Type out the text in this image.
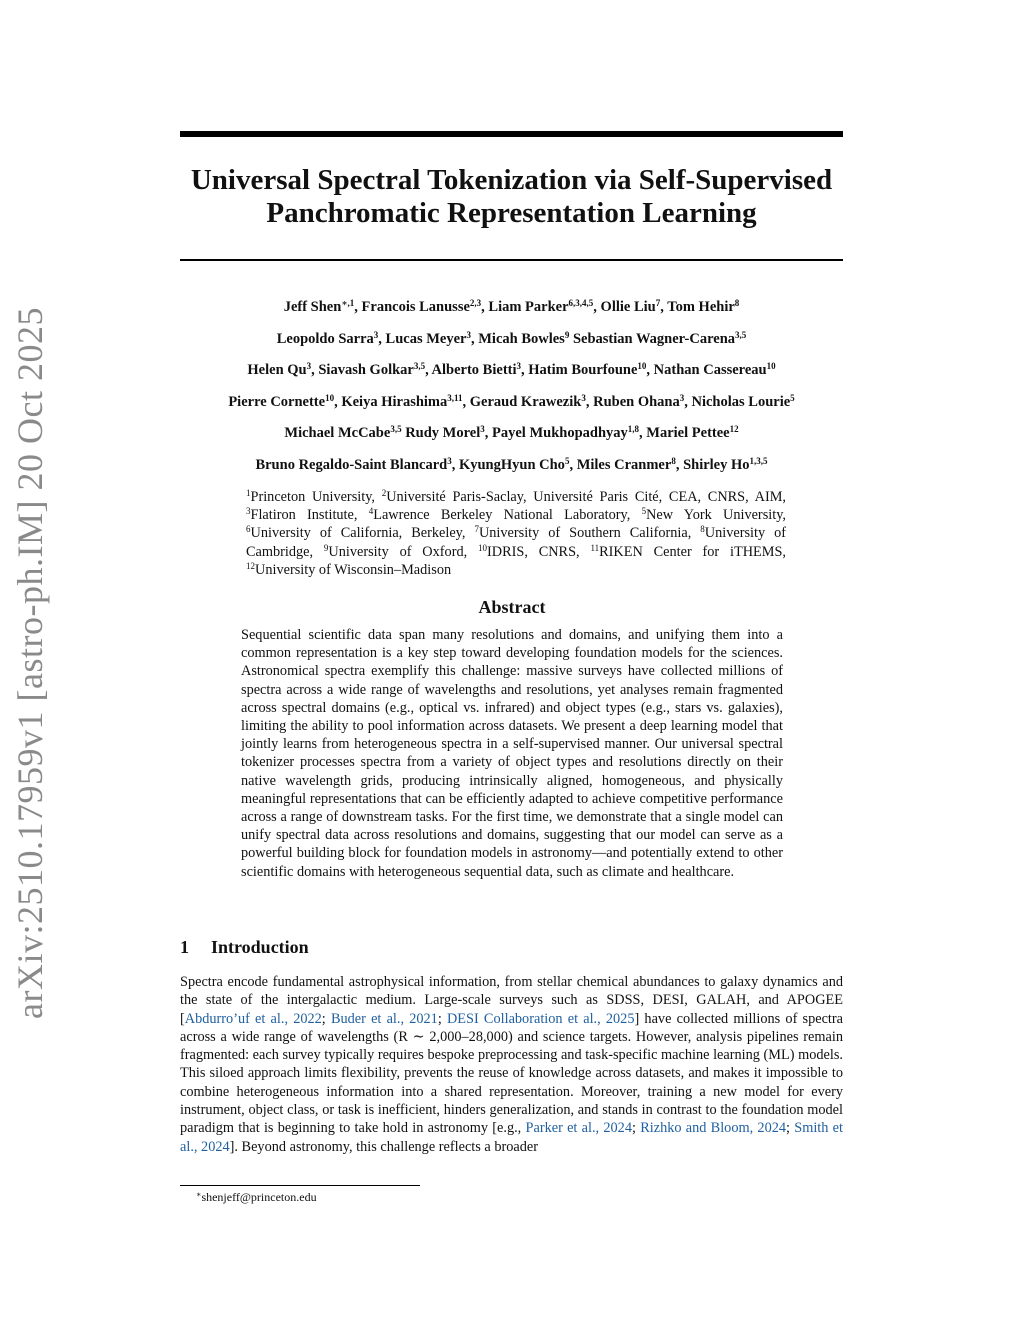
arXiv:2510.17959v1 [astro-ph.IM] 20 Oct 2025
Universal Spectral Tokenization via Self-Supervised
Panchromatic Representation Learning
Jeff Shen$^{∗,1}$, Francois Lanusse$^{2,3}$, Liam Parker$^{6,3,4,5}$, Ollie Liu$^7$, Tom Hehir$^8$
Leopoldo Sarra$^3$, Lucas Meyer$^3$, Micah Bowles$^9$ Sebastian Wagner-Carena$^{3,5}$
Helen Qu$^3$, Siavash Golkar$^{3,5}$, Alberto Bietti$^3$, Hatim Bourfoune$^{10}$, Nathan Cassereau$^{10}$
Pierre Cornette$^{10}$, Keiya Hirashima$^{3,11}$, Geraud Krawezik$^3$, Ruben Ohana$^3$, Nicholas Lourie$^5$
Michael McCabe$^{3,5}$ Rudy Morel$^3$, Payel Mukhopadhyay$^{1,8}$, Mariel Pettee$^{12}$
Bruno Regaldo-Saint Blancard$^3$, KyungHyun Cho$^5$, Miles Cranmer$^8$, Shirley Ho$^{1,3,5}$
$^1$Princeton University, $^2$Université Paris-Saclay, Université Paris Cité, CEA, CNRS, AIM, $^3$Flatiron Institute, $^4$Lawrence Berkeley National Laboratory, $^5$New York University, $^6$University of California, Berkeley, $^7$University of Southern California, $^8$University of Cambridge, $^9$University of Oxford, $^{10}$IDRIS, CNRS, $^{11}$RIKEN Center for iTHEMS, $^{12}$University of Wisconsin–Madison
Abstract

Sequential scientific data span many resolutions and domains, and unifying them into a common representation is a key step toward developing foundation models for the sciences. Astronomical spectra exemplify this challenge: massive surveys have collected millions of spectra across a wide range of wavelengths and resolutions, yet analyses remain fragmented across spectral domains (e.g., optical vs. infrared) and object types (e.g., stars vs. galaxies), limiting the ability to pool information across datasets. We present a deep learning model that jointly learns from heterogeneous spectra in a self-supervised manner. Our universal spectral tokenizer processes spectra from a variety of object types and resolutions directly on their native wavelength grids, producing intrinsically aligned, homogeneous, and physically meaningful representations that can be efficiently adapted to achieve competitive performance across a range of downstream tasks. For the first time, we demonstrate that a single model can unify spectral data across resolutions and domains, suggesting that our model can serve as a powerful building block for foundation models in astronomy—and potentially extend to other scientific domains with heterogeneous sequential data, such as climate and healthcare.

1 Introduction

Spectra encode fundamental astrophysical information, from stellar chemical abundances to galaxy dynamics and the state of the intergalactic medium. Large-scale surveys such as SDSS, DESI, GALAH, and APOGEE [Abdurro’uf et al., 2022; Buder et al., 2021; DESI Collaboration et al., 2025] have collected millions of spectra across a wide range of wavelengths (R ∼ 2,000–28,000) and science targets. However, analysis pipelines remain fragmented: each survey typically requires bespoke preprocessing and task-specific machine learning (ML) models. This siloed approach limits flexibility, prevents the reuse of knowledge across datasets, and makes it impossible to combine heterogeneous information into a shared representation. Moreover, training a new model for every instrument, object class, or task is inefficient, hinders generalization, and stands in contrast to the foundation model paradigm that is beginning to take hold in astronomy [e.g., Parker et al., 2024; Rizhko and Bloom, 2024; Smith et al., 2024]. Beyond astronomy, this challenge reflects a broader

∗shenjeff@princeton.edu
